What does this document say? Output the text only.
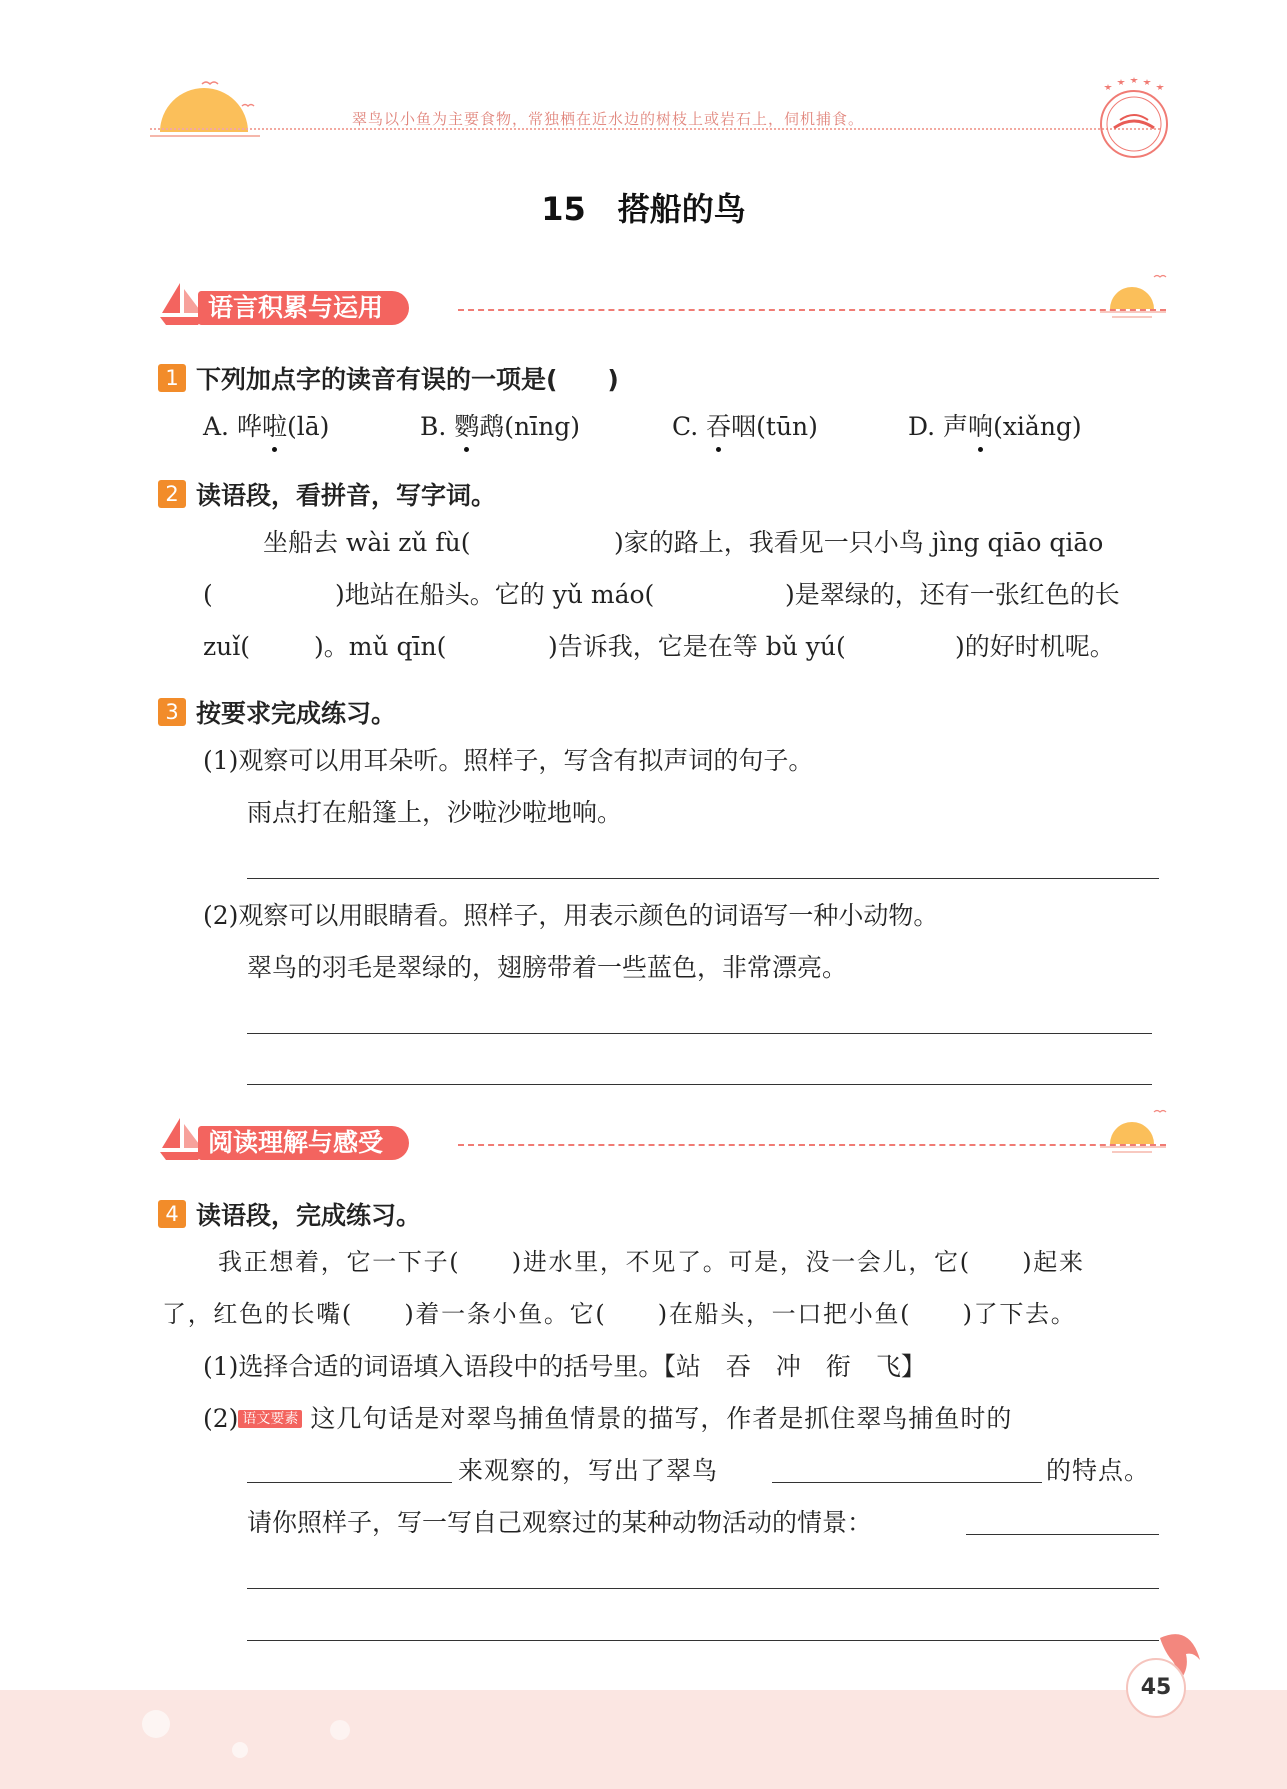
翠鸟以小鱼为主要食物，常独栖在近水边的树枝上或岩石上，伺机捕食。
15　搭船的鸟
语言积累与运用
1 下列加点字的读音有误的一项是(　　)
A. 哗啦(lā)	B. 鹦鹉(nīng)	C. 吞咽(tūn)	D. 声响(xiǎng)
2 读语段，看拼音，写字词。
坐船去 wài zǔ fù(	)家的路上，我看见一只小鸟 jìng qiāo qiāo
(	)地站在船头。它的 yǔ máo(	)是翠绿的，还有一张红色的长
zuǐ(	)。mǔ qīn(	)告诉我，它是在等 bǔ yú(	)的好时机呢。
3 按要求完成练习。
(1)观察可以用耳朵听。照样子，写含有拟声词的句子。
雨点打在船篷上，沙啦沙啦地响。
(2)观察可以用眼睛看。照样子，用表示颜色的词语写一种小动物。
翠鸟的羽毛是翠绿的，翅膀带着一些蓝色，非常漂亮。
阅读理解与感受
4 读语段，完成练习。
我正想着，它一下子(　　)进水里，不见了。可是，没一会儿，它(　　)起来
了，红色的长嘴(　　)着一条小鱼。它(　　)在船头，一口把小鱼(　　)了下去。
(1)选择合适的词语填入语段中的括号里。【站　吞　冲　衔　飞】
(2) 语文要素 这几句话是对翠鸟捕鱼情景的描写，作者是抓住翠鸟捕鱼时的
来观察的，写出了翠鸟	的特点。
请你照样子，写一写自己观察过的某种动物活动的情景：
45
